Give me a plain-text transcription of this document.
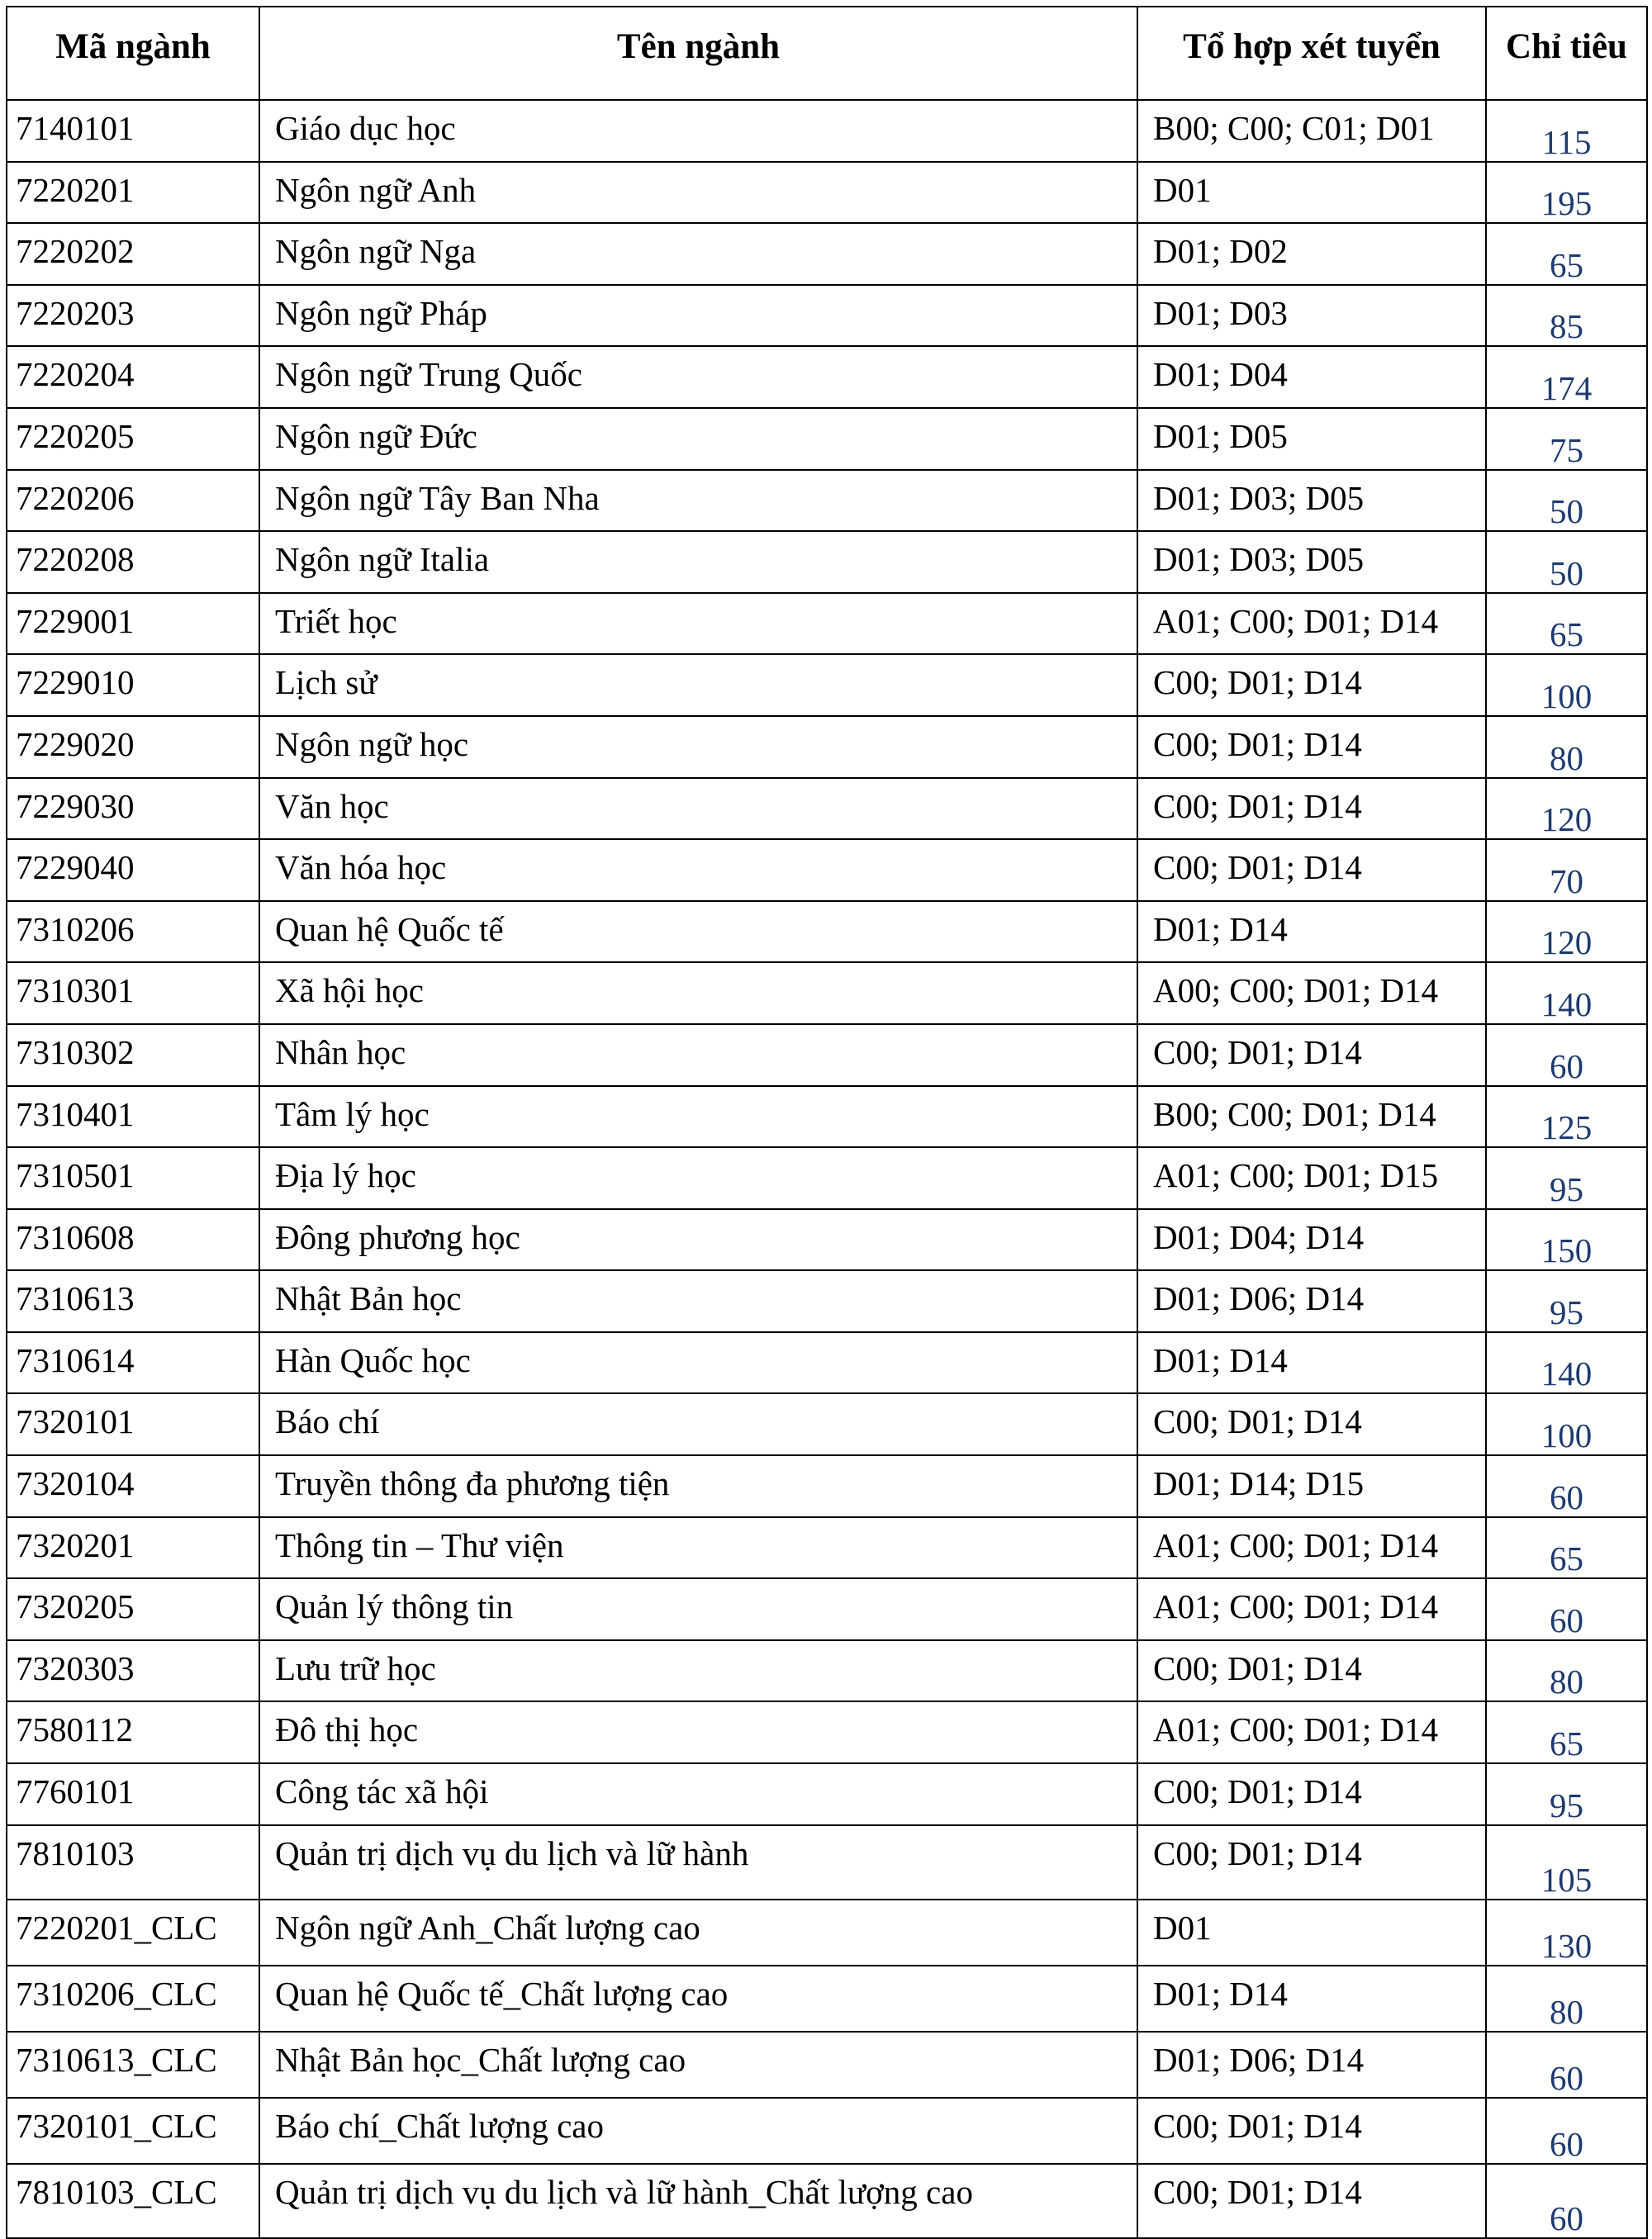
Mã ngành	Tên ngành	Tổ hợp xét tuyển	Chỉ tiêu
7140101	Giáo dục học	B00; C00; C01; D01	115
7220201	Ngôn ngữ Anh	D01	195
7220202	Ngôn ngữ Nga	D01; D02	65
7220203	Ngôn ngữ Pháp	D01; D03	85
7220204	Ngôn ngữ Trung Quốc	D01; D04	174
7220205	Ngôn ngữ Đức	D01; D05	75
7220206	Ngôn ngữ Tây Ban Nha	D01; D03; D05	50
7220208	Ngôn ngữ Italia	D01; D03; D05	50
7229001	Triết học	A01; C00; D01; D14	65
7229010	Lịch sử	C00; D01; D14	100
7229020	Ngôn ngữ học	C00; D01; D14	80
7229030	Văn học	C00; D01; D14	120
7229040	Văn hóa học	C00; D01; D14	70
7310206	Quan hệ Quốc tế	D01; D14	120
7310301	Xã hội học	A00; C00; D01; D14	140
7310302	Nhân học	C00; D01; D14	60
7310401	Tâm lý học	B00; C00; D01; D14	125
7310501	Địa lý học	A01; C00; D01; D15	95
7310608	Đông phương học	D01; D04; D14	150
7310613	Nhật Bản học	D01; D06; D14	95
7310614	Hàn Quốc học	D01; D14	140
7320101	Báo chí	C00; D01; D14	100
7320104	Truyền thông đa phương tiện	D01; D14; D15	60
7320201	Thông tin – Thư viện	A01; C00; D01; D14	65
7320205	Quản lý thông tin	A01; C00; D01; D14	60
7320303	Lưu trữ học	C00; D01; D14	80
7580112	Đô thị học	A01; C00; D01; D14	65
7760101	Công tác xã hội	C00; D01; D14	95
7810103	Quản trị dịch vụ du lịch và lữ hành	C00; D01; D14	105
7220201_CLC	Ngôn ngữ Anh_Chất lượng cao	D01	130
7310206_CLC	Quan hệ Quốc tế_Chất lượng cao	D01; D14	80
7310613_CLC	Nhật Bản học_Chất lượng cao	D01; D06; D14	60
7320101_CLC	Báo chí_Chất lượng cao	C00; D01; D14	60
7810103_CLC	Quản trị dịch vụ du lịch và lữ hành_Chất lượng cao	C00; D01; D14	60
